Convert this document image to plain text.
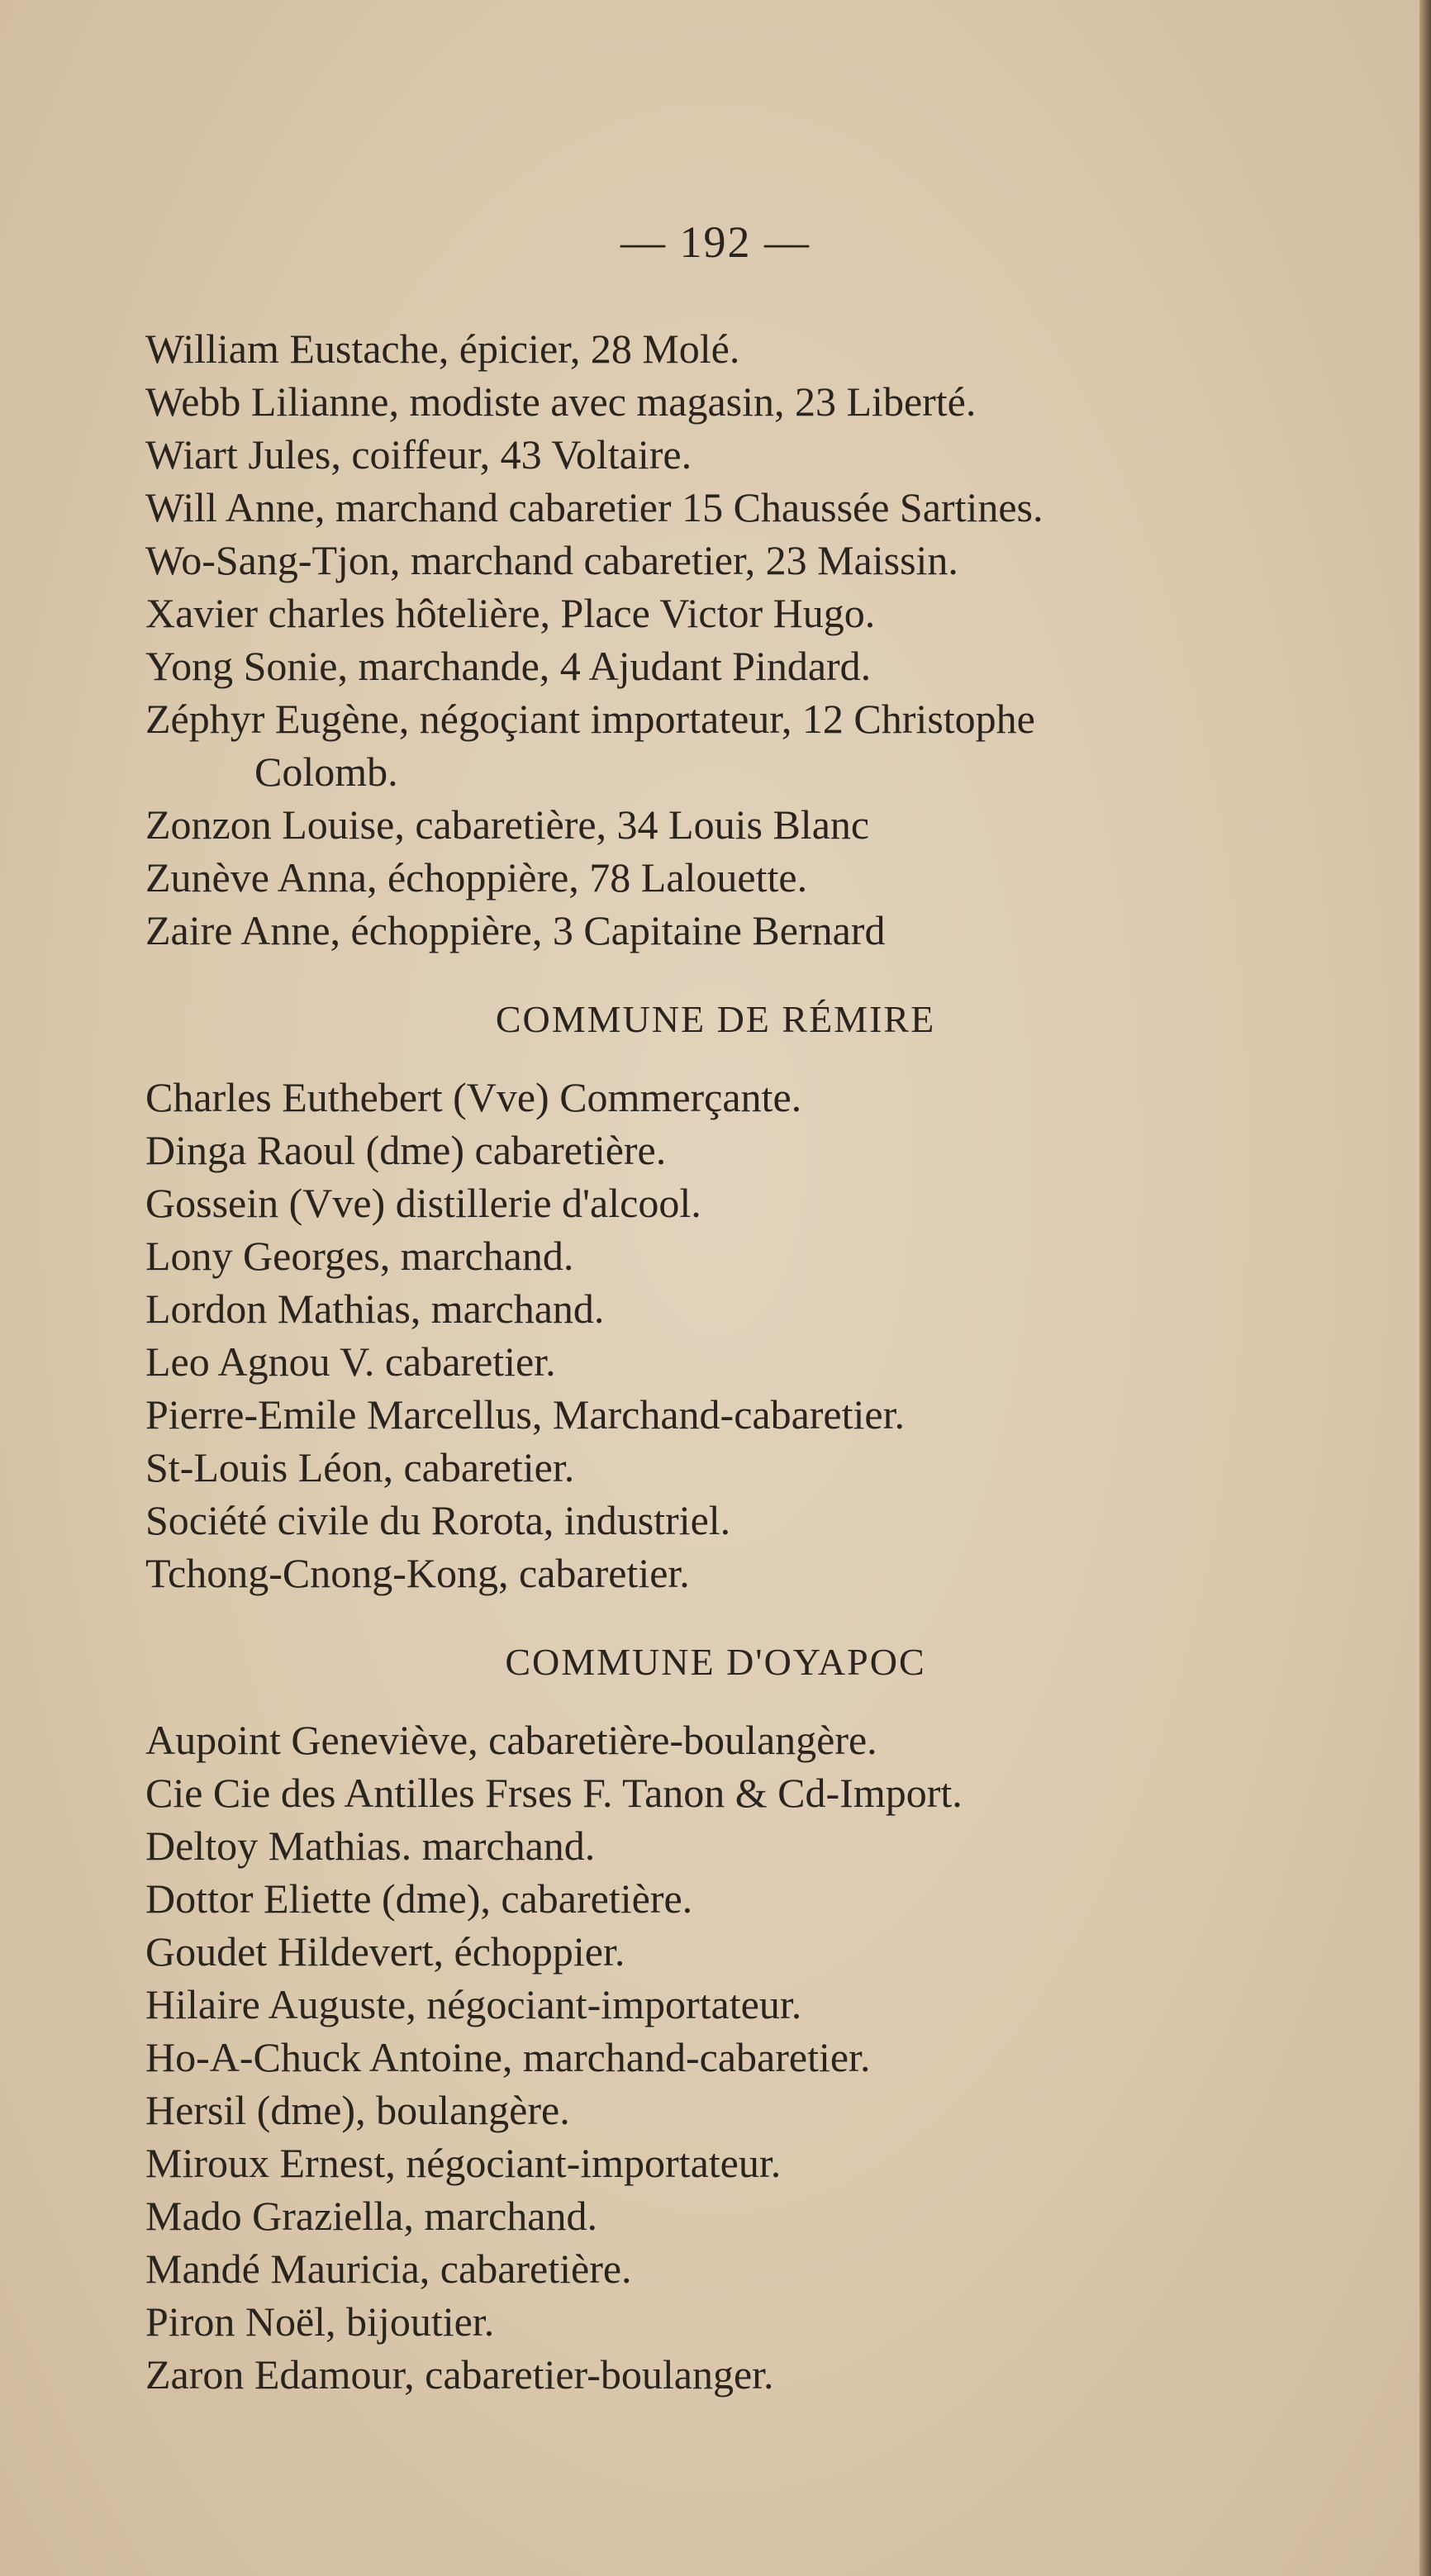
— 192 —
William Eustache, épicier, 28 Molé.
Webb Lilianne, modiste avec magasin, 23 Liberté.
Wiart Jules, coiffeur, 43 Voltaire.
Will Anne, marchand cabaretier 15 Chaussée Sartines.
Wo-Sang-Tjon, marchand cabaretier, 23 Maissin.
Xavier charles hôtelière, Place Victor Hugo.
Yong Sonie, marchande, 4 Ajudant Pindard.
Zéphyr Eugène, négoçiant importateur, 12 Christophe
Colomb.
Zonzon Louise, cabaretière, 34 Louis Blanc
Zunève Anna, échoppière, 78 Lalouette.
Zaire Anne, échoppière, 3 Capitaine Bernard
COMMUNE DE RÉMIRE
Charles Euthebert (Vve) Commerçante.
Dinga Raoul (dme) cabaretière.
Gossein (Vve) distillerie d'alcool.
Lony Georges, marchand.
Lordon Mathias, marchand.
Leo Agnou V. cabaretier.
Pierre-Emile Marcellus, Marchand-cabaretier.
St-Louis Léon, cabaretier.
Société civile du Rorota, industriel.
Tchong-Cnong-Kong, cabaretier.
COMMUNE D'OYAPOC
Aupoint Geneviève, cabaretière-boulangère.
Cie Cie des Antilles Frses F. Tanon & Cd-Import.
Deltoy Mathias. marchand.
Dottor Eliette (dme), cabaretière.
Goudet Hildevert, échoppier.
Hilaire Auguste, négociant-importateur.
Ho-A-Chuck Antoine, marchand-cabaretier.
Hersil (dme), boulangère.
Miroux Ernest, négociant-importateur.
Mado Graziella, marchand.
Mandé Mauricia, cabaretière.
Piron Noël, bijoutier.
Zaron Edamour, cabaretier-boulanger.
